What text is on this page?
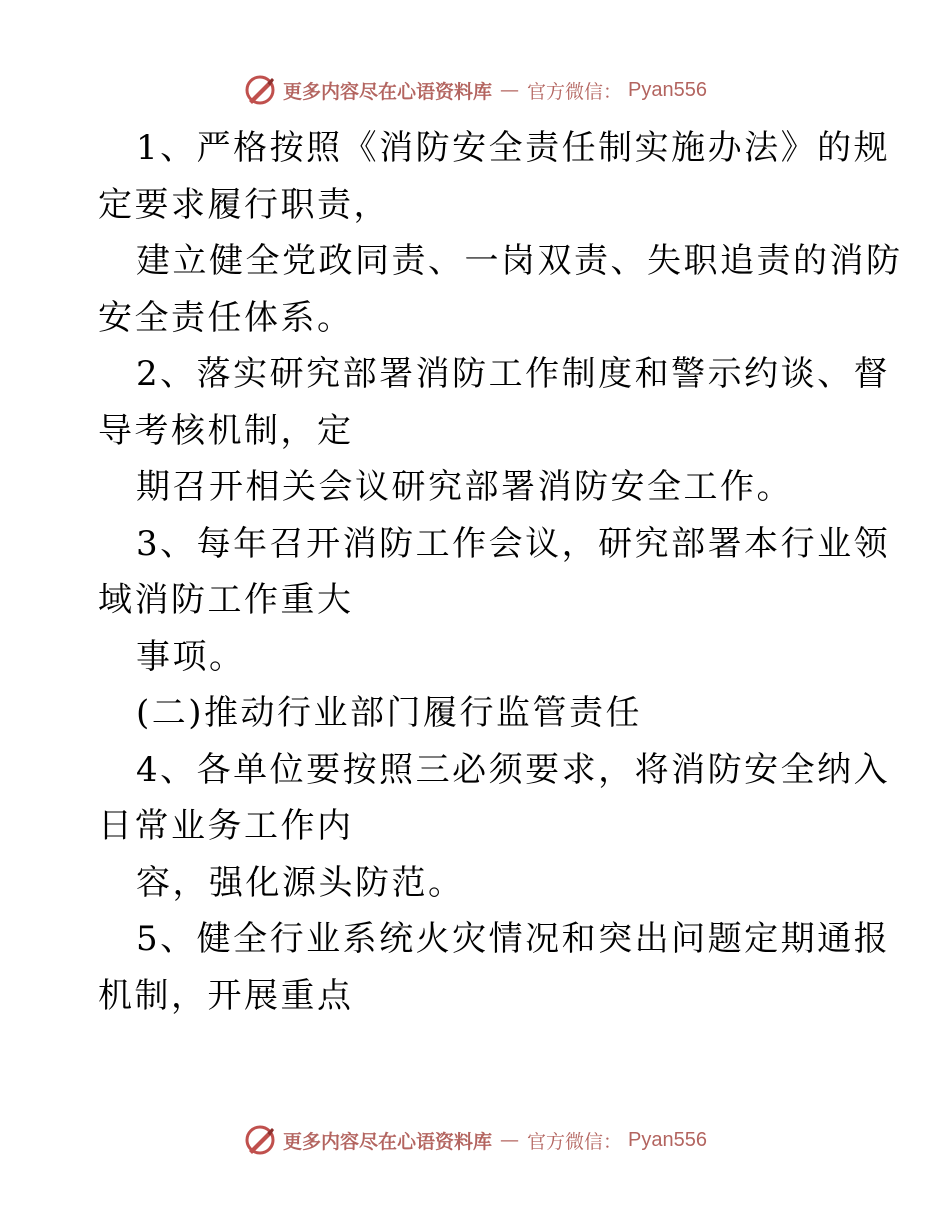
更多内容尽在心语资料库 — 官方微信： Pyan556
1、严格按照《消防安全责任制实施办法》的规
定要求履行职责，
建立健全党政同责、一岗双责、失职追责的消防
安全责任体系。
2、落实研究部署消防工作制度和警示约谈、督
导考核机制，定
期召开相关会议研究部署消防安全工作。
3、每年召开消防工作会议，研究部署本行业领
域消防工作重大
事项。
(二)推动行业部门履行监管责任
4、各单位要按照三必须要求，将消防安全纳入
日常业务工作内
容，强化源头防范。
5、健全行业系统火灾情况和突出问题定期通报
机制，开展重点
更多内容尽在心语资料库 — 官方微信： Pyan556
